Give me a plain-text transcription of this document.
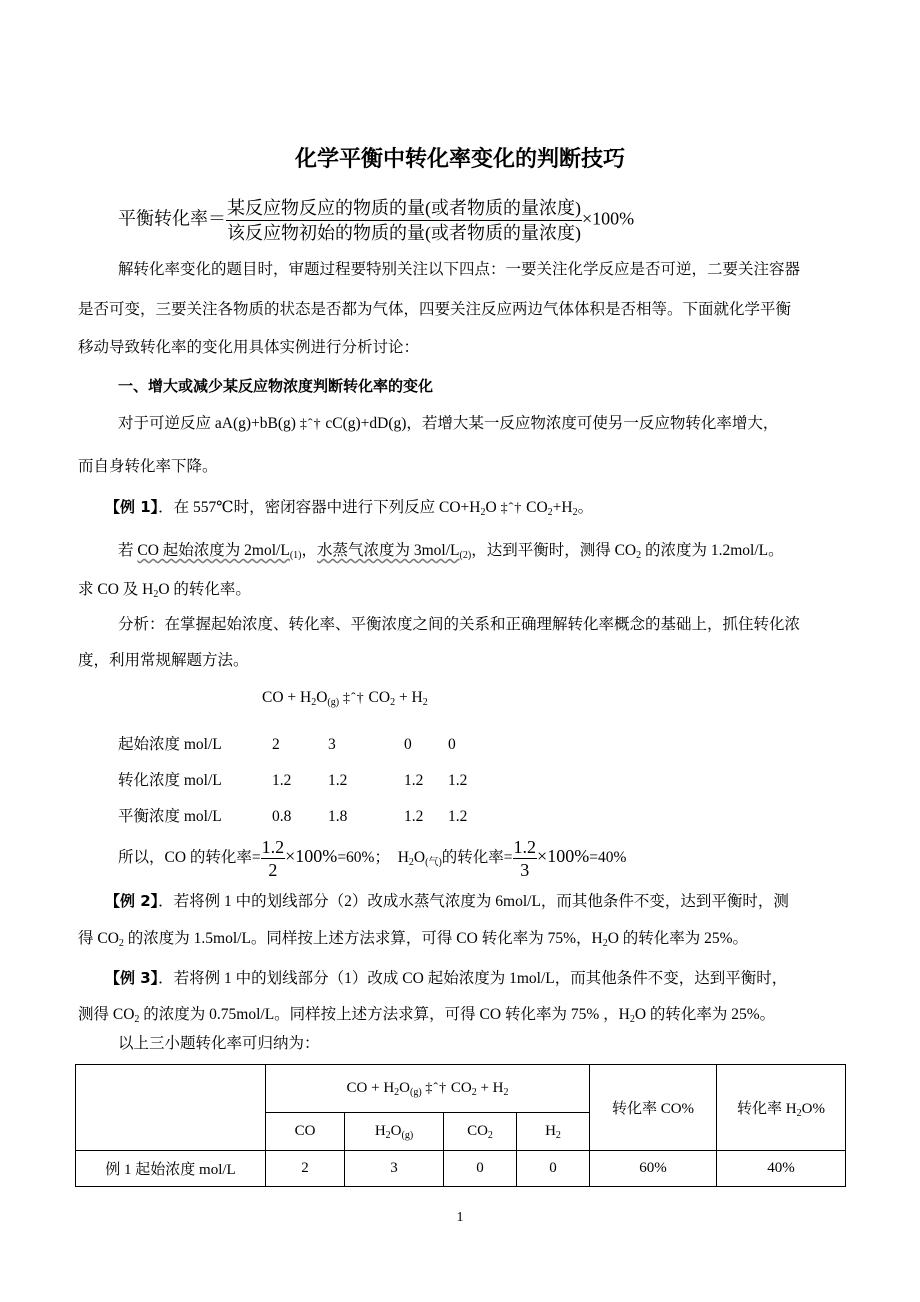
化学平衡中转化率变化的判断技巧
平衡转化率＝ $\frac{\text{某反应物反应的物质的量(或者物质的量浓度)}}{\text{该反应物初始的物质的量(或者物质的量浓度)}} \times 100\%$
解转化率变化的题目时，审题过程要特别关注以下四点：一要关注化学反应是否可逆，二要关注容器
是否可变，三要关注各物质的状态是否都为气体，四要关注反应两边气体体积是否相等。下面就化学平衡
移动导致转化率的变化用具体实例进行分析讨论：
一、增大或减少某反应物浓度判断转化率的变化
对于可逆反应 aA(g)+bB(g) ‡ˆ† cC(g)+dD(g)，若增大某一反应物浓度可使另一反应物转化率增大，
而自身转化率下降。
【例 1】．在 557℃时，密闭容器中进行下列反应 $CO+H_2O$ ‡ˆ† $CO_2+H_2$。
若 CO 起始浓度为 $2mol/L_{(1)}$，水蒸气浓度为 $3mol/L_{(2)}$，达到平衡时，测得 $CO_2$ 的浓度为 1.2mol/L。
求 CO 及 $H_2O$ 的转化率。
分析：在掌握起始浓度、转化率、平衡浓度之间的关系和正确理解转化率概念的基础上，抓住转化浓
度，利用常规解题方法。
CO + $H_2O_{(g)}$ ‡ˆ† $CO_2 + H_2$
起始浓度 mol/L	2	3	0 0
转化浓度 mol/L	1.2 1.2	1.2 1.2
平衡浓度 mol/L	0.8 1.8	1.2 1.2
所以，CO 的转化率= $\frac{1.2}{2} \times 100\%=60\%$； $H_2O_{(气)}$的转化率= $\frac{1.2}{3} \times 100\%=40\%$
【例 2】．若将例 1 中的划线部分（2）改成水蒸气浓度为 6mol/L，而其他条件不变，达到平衡时，测
得 $CO_2$ 的浓度为 1.5mol/L。同样按上述方法求算，可得 CO 转化率为 75%，$H_2O$ 的转化率为 25%。
【例 3】．若将例 1 中的划线部分（1）改成 CO 起始浓度为 1mol/L，而其他条件不变，达到平衡时，
测得 $CO_2$ 的浓度为 0.75mol/L。同样按上述方法求算，可得 CO 转化率为 75% ，$H_2O$ 的转化率为 25%。
以上三小题转化率可归纳为：
	CO + $H_2O_{(g)}$ ‡ˆ† $CO_2 + H_2$				转化率 CO%	转化率 $H_2O\%$
	CO	$H_2O_{(g)}$	$CO_2$	$H_2$
例 1 起始浓度 mol/L	2	3	0	0	60%	40%
1
